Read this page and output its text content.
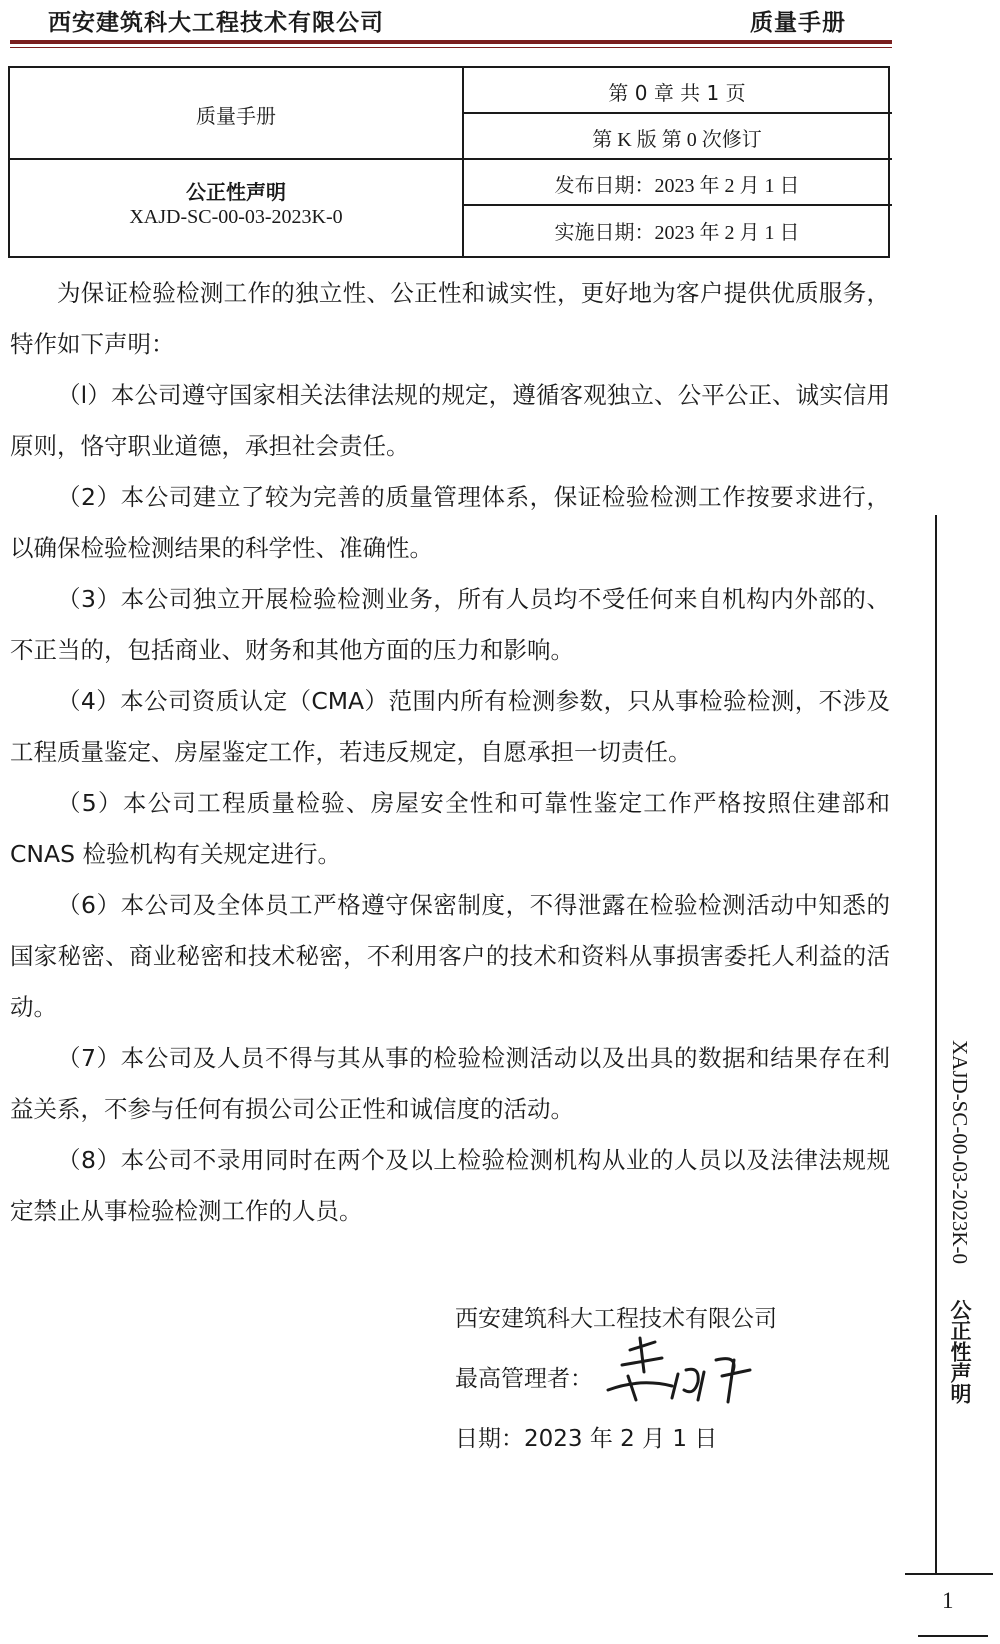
西安建筑科大工程技术有限公司	质量手册
质量手册
第 0 章 共 1 页
第 K 版 第 0 次修订
公正性声明
XAJD-SC-00-03-2023K-0
发布日期：2023 年 2 月 1 日
实施日期：2023 年 2 月 1 日

为保证检验检测工作的独立性、公正性和诚实性，更好地为客户提供优质服务，特作如下声明：

（l）本公司遵守国家相关法律法规的规定，遵循客观独立、公平公正、诚实信用原则，恪守职业道德，承担社会责任。

（2）本公司建立了较为完善的质量管理体系，保证检验检测工作按要求进行，以确保检验检测结果的科学性、准确性。

（3）本公司独立开展检验检测业务，所有人员均不受任何来自机构内外部的、不正当的，包括商业、财务和其他方面的压力和影响。

（4）本公司资质认定（CMA）范围内所有检测参数，只从事检验检测，不涉及工程质量鉴定、房屋鉴定工作，若违反规定，自愿承担一切责任。

（5）本公司工程质量检验、房屋安全性和可靠性鉴定工作严格按照住建部和 CNAS 检验机构有关规定进行。

（6）本公司及全体员工严格遵守保密制度，不得泄露在检验检测活动中知悉的国家秘密、商业秘密和技术秘密，不利用客户的技术和资料从事损害委托人利益的活动。

（7）本公司及人员不得与其从事的检验检测活动以及出具的数据和结果存在利益关系，不参与任何有损公司公正性和诚信度的活动。

（8）本公司不录用同时在两个及以上检验检测机构从业的人员以及法律法规规定禁止从事检验检测工作的人员。

西安建筑科大工程技术有限公司
最高管理者：
日期：2023 年 2 月 1 日
XAJD-SC-00-03-2023K-0 公正性声明
1
